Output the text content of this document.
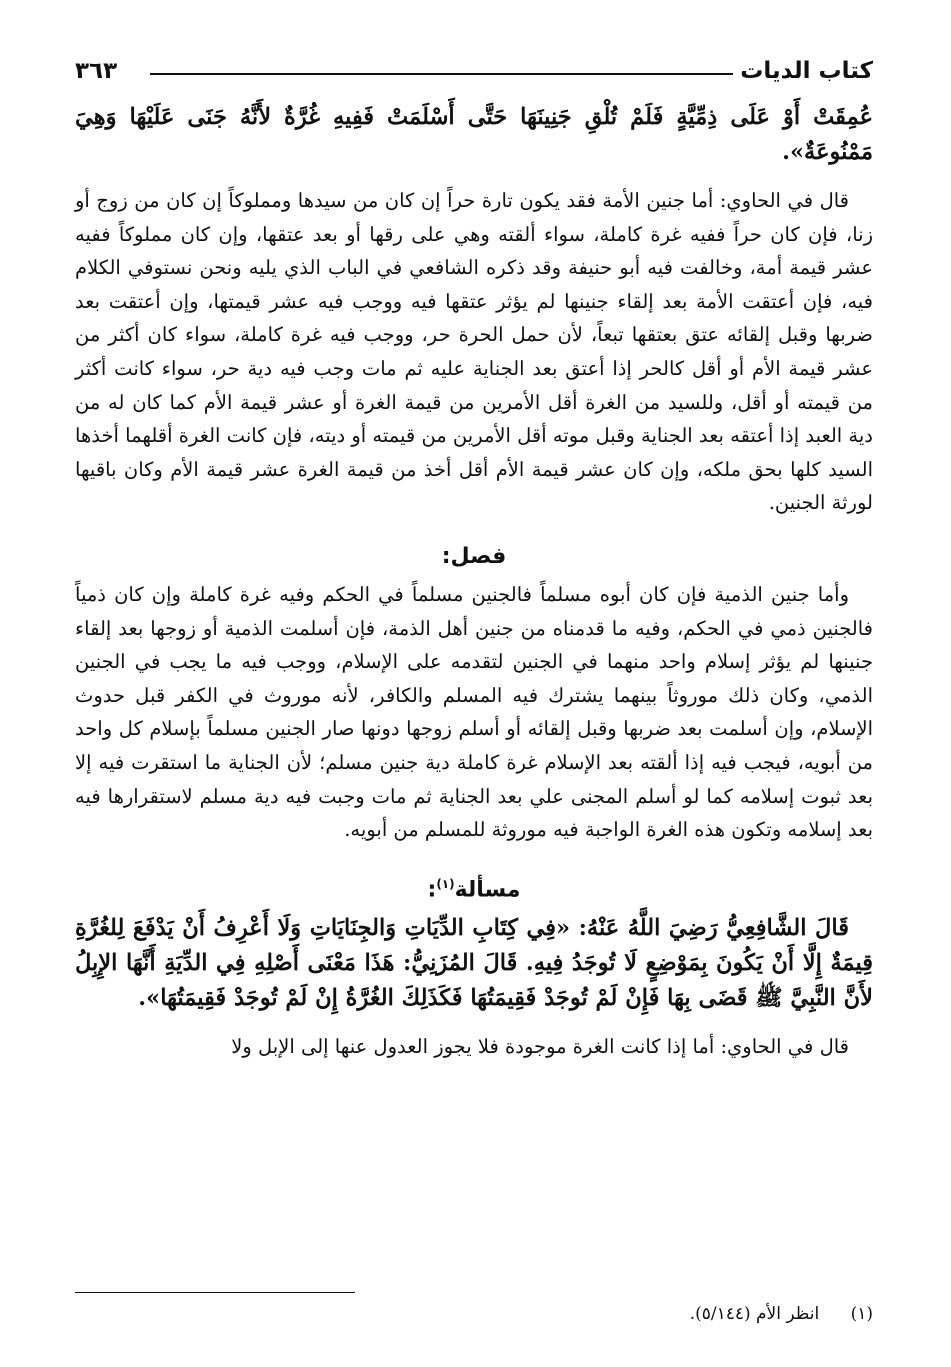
كتاب الديات
٣٦٣

عُمِقَتْ أَوْ عَلَى ذِمِّيَّةٍ فَلَمْ تُلْقِ جَنِينَهَا حَتَّى أَسْلَمَتْ فَفِيهِ غُرَّةٌ لأَنَّهُ جَنَى عَلَيْهَا وَهِيَ مَمْنُوعَةٌ».

قال في الحاوي: أما جنين الأمة فقد يكون تارة حراً إن كان من سيدها ومملوكاً إن كان من زوج أو زنا، فإن كان حراً ففيه غرة كاملة، سواء ألقته وهي على رقها أو بعد عتقها، وإن كان مملوكاً ففيه عشر قيمة أمة، وخالفت فيه أبو حنيفة وقد ذكره الشافعي في الباب الذي يليه ونحن نستوفي الكلام فيه، فإن أعتقت الأمة بعد إلقاء جنينها لم يؤثر عتقها فيه ووجب فيه عشر قيمتها، وإن أعتقت بعد ضربها وقبل إلقائه عتق بعتقها تبعاً، لأن حمل الحرة حر، ووجب فيه غرة كاملة، سواء كان أكثر من عشر قيمة الأم أو أقل كالحر إذا أعتق بعد الجناية عليه ثم مات وجب فيه دية حر، سواء كانت أكثر من قيمته أو أقل، وللسيد من الغرة أقل الأمرين من قيمة الغرة أو عشر قيمة الأم كما كان له من دية العبد إذا أعتقه بعد الجناية وقبل موته أقل الأمرين من قيمته أو ديته، فإن كانت الغرة أقلهما أخذها السيد كلها بحق ملكه، وإن كان عشر قيمة الأم أقل أخذ من قيمة الغرة عشر قيمة الأم وكان باقيها لورثة الجنين.

فصل:

وأما جنين الذمية فإن كان أبوه مسلماً فالجنين مسلماً في الحكم وفيه غرة كاملة وإن كان ذمياً فالجنين ذمي في الحكم، وفيه ما قدمناه من جنين أهل الذمة، فإن أسلمت الذمية أو زوجها بعد إلقاء جنينها لم يؤثر إسلام واحد منهما في الجنين لتقدمه على الإسلام، ووجب فيه ما يجب في الجنين الذمي، وكان ذلك موروثاً بينهما يشترك فيه المسلم والكافر، لأنه موروث في الكفر قبل حدوث الإسلام، وإن أسلمت بعد ضربها وقبل إلقائه أو أسلم زوجها دونها صار الجنين مسلماً بإسلام كل واحد من أبويه، فيجب فيه إذا ألقته بعد الإسلام غرة كاملة دية جنين مسلم؛ لأن الجناية ما استقرت فيه إلا بعد ثبوت إسلامه كما لو أسلم المجنى علي بعد الجناية ثم مات وجبت فيه دية مسلم لاستقرارها فيه بعد إسلامه وتكون هذه الغرة الواجبة فيه موروثة للمسلم من أبويه.

مسألة$^{(١)}$:

قَالَ الشَّافِعِيُّ رَضِيَ اللَّهُ عَنْهُ: «فِي كِتَابِ الدِّيَاتِ وَالجِنَايَاتِ وَلَا أَعْرِفُ أَنْ يَدْفَعَ لِلغُرَّةِ قِيمَةٌ إِلَّا أَنْ يَكُونَ بِمَوْضِعٍ لَا تُوجَدُ فِيهِ. قَالَ المُزَنِيُّ: هَذَا مَعْنَى أَصْلِهِ فِي الدِّيَةِ أَنَّهَا الإِبِلُ لأَنَّ النَّبِيَّ ﷺ قَضَى بِهَا فَإِنْ لَمْ تُوجَدْ فَقِيمَتُهَا فَكَذَلِكَ الغُرَّةُ إِنْ لَمْ تُوجَدْ فَقِيمَتُهَا».

قال في الحاوي: أما إذا كانت الغرة موجودة فلا يجوز العدول عنها إلى الإبل ولا

(١) انظر الأم (٥/١٤٤).
